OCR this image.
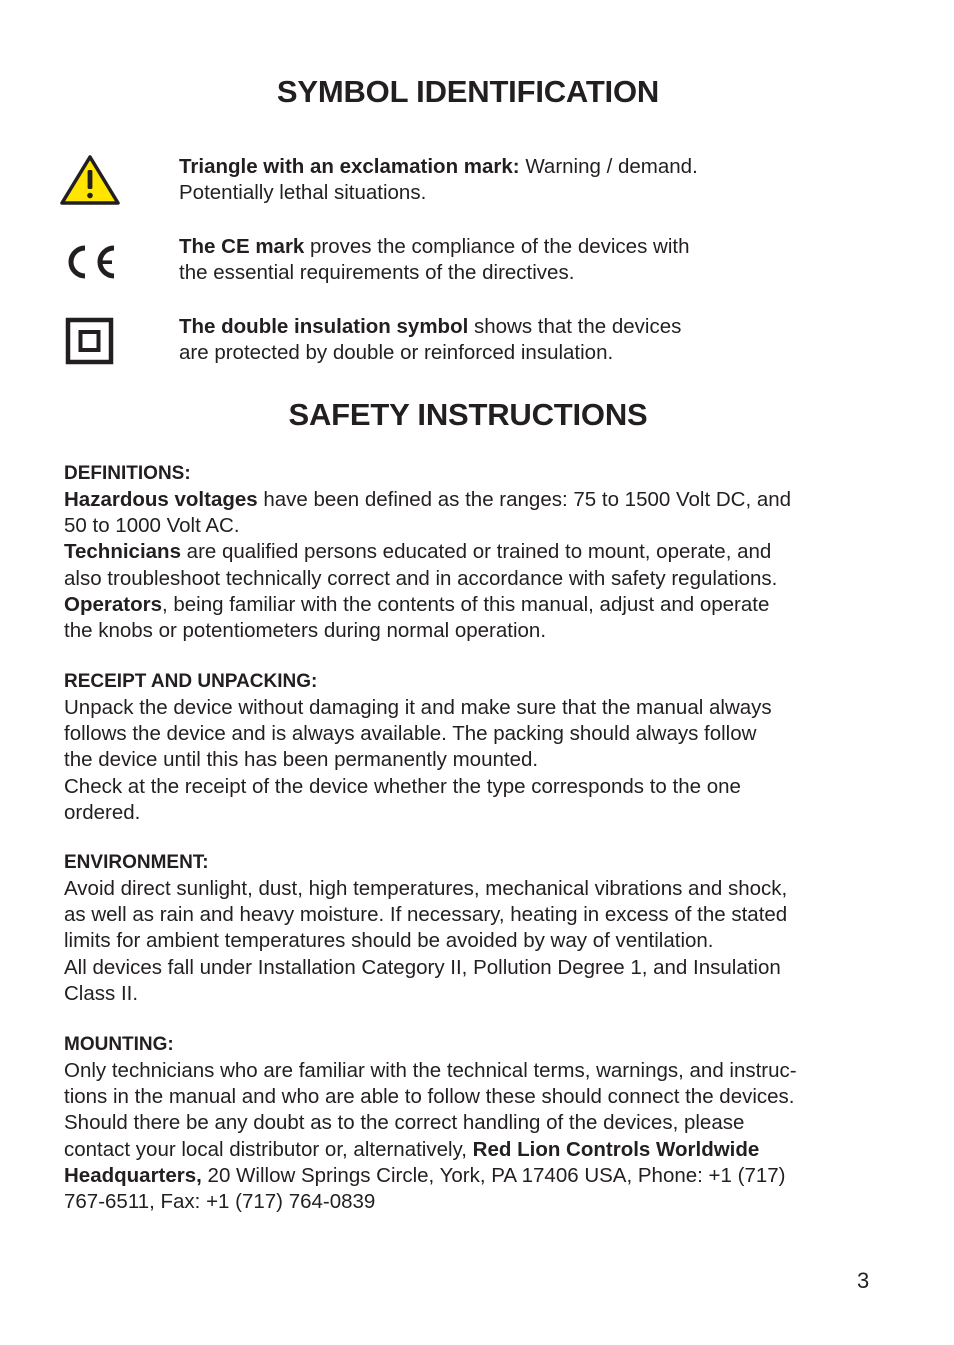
SYMBOL IDENTIFICATION
Triangle with an exclamation mark: Warning / demand.
Potentially lethal situations.
The CE mark proves the compliance of the devices with
the essential requirements of the directives.
The double insulation symbol shows that the devices
are protected by double or reinforced insulation.
SAFETY INSTRUCTIONS
DEFINITIONS:
Hazardous voltages have been defined as the ranges: 75 to 1500 Volt DC, and
50 to 1000 Volt AC.
Technicians are qualified persons educated or trained to mount, operate, and
also troubleshoot technically correct and in accordance with safety regulations.
Operators, being familiar with the contents of this manual, adjust and operate
the knobs or potentiometers during normal operation.
RECEIPT AND UNPACKING:
Unpack the device without damaging it and make sure that the manual always
follows the device and is always available. The packing should always follow
the device until this has been permanently mounted.
Check at the receipt of the device whether the type corresponds to the one
ordered.
ENVIRONMENT:
Avoid direct sunlight, dust, high temperatures, mechanical vibrations and shock,
as well as rain and heavy moisture. If necessary, heating in excess of the stated
limits for ambient temperatures should be avoided by way of ventilation.
All devices fall under Installation Category II, Pollution Degree 1, and Insulation
Class II.
MOUNTING:
Only technicians who are familiar with the technical terms, warnings, and instruc-
tions in the manual and who are able to follow these should connect the devices.
Should there be any doubt as to the correct handling of the devices, please
contact your local distributor or, alternatively, Red Lion Controls Worldwide
Headquarters, 20 Willow Springs Circle, York, PA 17406 USA, Phone: +1 (717)
767-6511, Fax: +1 (717) 764-0839
3
